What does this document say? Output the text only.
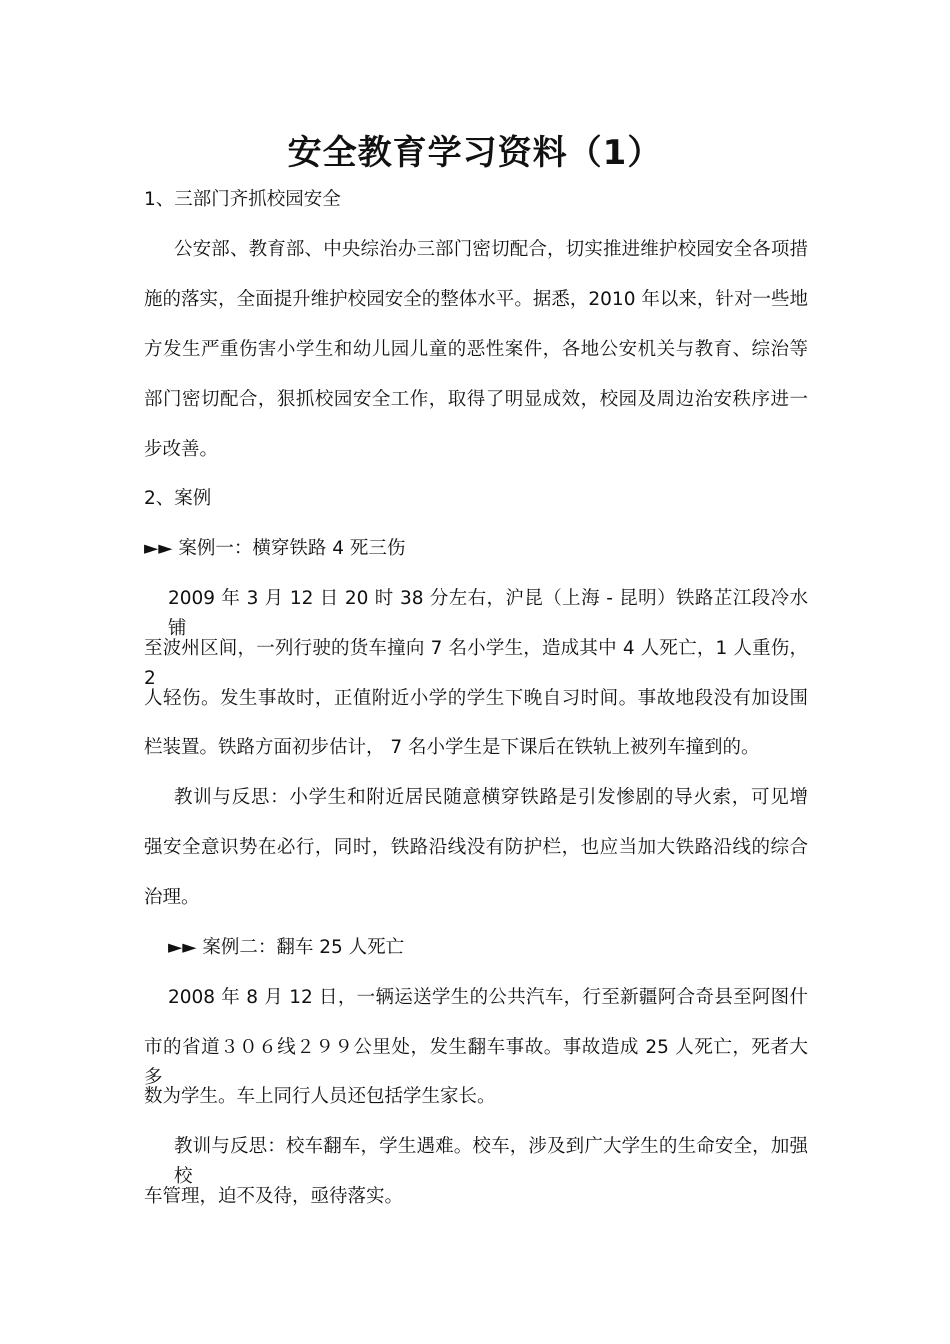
安全教育学习资料（1）
1、三部门齐抓校园安全
公安部、教育部、中央综治办三部门密切配合，切实推进维护校园安全各项措
施的落实，全面提升维护校园安全的整体水平。据悉，2010 年以来，针对一些地
方发生严重伤害小学生和幼儿园儿童的恶性案件，各地公安机关与教育、综治等
部门密切配合，狠抓校园安全工作，取得了明显成效，校园及周边治安秩序进一
步改善。
2、案例
►► 案例一：横穿铁路 4 死三伤
2009 年 3 月 12 日 20 时 38 分左右，沪昆（上海 - 昆明）铁路芷江段冷水铺
至波州区间，一列行驶的货车撞向 7 名小学生，造成其中 4 人死亡，1 人重伤，2
人轻伤。发生事故时，正值附近小学的学生下晚自习时间。事故地段没有加设围
栏装置。铁路方面初步估计， 7 名小学生是下课后在铁轨上被列车撞到的。
教训与反思：小学生和附近居民随意横穿铁路是引发惨剧的导火索，可见增
强安全意识势在必行，同时，铁路沿线没有防护栏，也应当加大铁路沿线的综合
治理。
►► 案例二：翻车 25 人死亡
2008 年 8 月 12 日，一辆运送学生的公共汽车，行至新疆阿合奇县至阿图什
市的省道３０６线２９９公里处，发生翻车事故。事故造成 25 人死亡，死者大多
数为学生。车上同行人员还包括学生家长。
教训与反思：校车翻车，学生遇难。校车，涉及到广大学生的生命安全，加强校
车管理，迫不及待，亟待落实。
